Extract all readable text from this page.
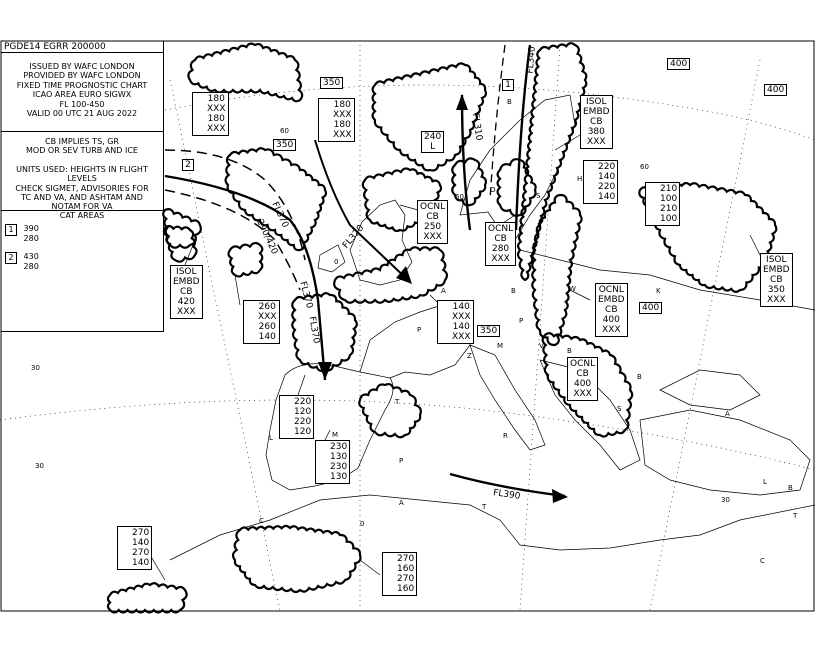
PGDE14 EGRR 200000
ISSUED BY WAFC LONDON
PROVIDED BY WAFC LONDON
FIXED TIME PROGNOSTIC CHART
ICAO AREA EURO SIGWX
FL 100-450
VALID 00 UTC 21 AUG 2022
CB IMPLIES TS, GR
MOD OR SEV TURB AND ICE
UNITS USED: HEIGHTS IN FLIGHT LEVELS
CHECK SIGMET, ADVISORIES FOR
TC AND VA, AND ASHTAM AND
NOTAM FOR VA
CAT AREAS
1 390
280
2 430
280
ISOL
EMBD
CB
420
XXX
OCNL
CB
250
XXX
OCNL
CB
280
XXX
ISOL
EMBD
CB
380
XXX
OCNL
EMBD
CB
400
XXX
OCNL
CB
400
XXX
ISOL
EMBD
CB
350
XXX
180
XXX
180
XXX
180
XXX
180
XXX
220
140
220
140
210
100
210
100
260
XXX
260
140
140
XXX
140
XXX
220
120
220
120
230
130
230
130
270
140
270
140	270
160
270
160
400
400
350
350
240
L
350
400
1
2
FL370
290/420
FL370
FL370
FL320
FL310
FL340
FL390
B
O
S
H
A	B
P
P
Z
M
W	K
V
B
S
B
T
R
M
L
P
A	T
A
L
B
T
C
C
60
60
60
30
30
30
0
0
